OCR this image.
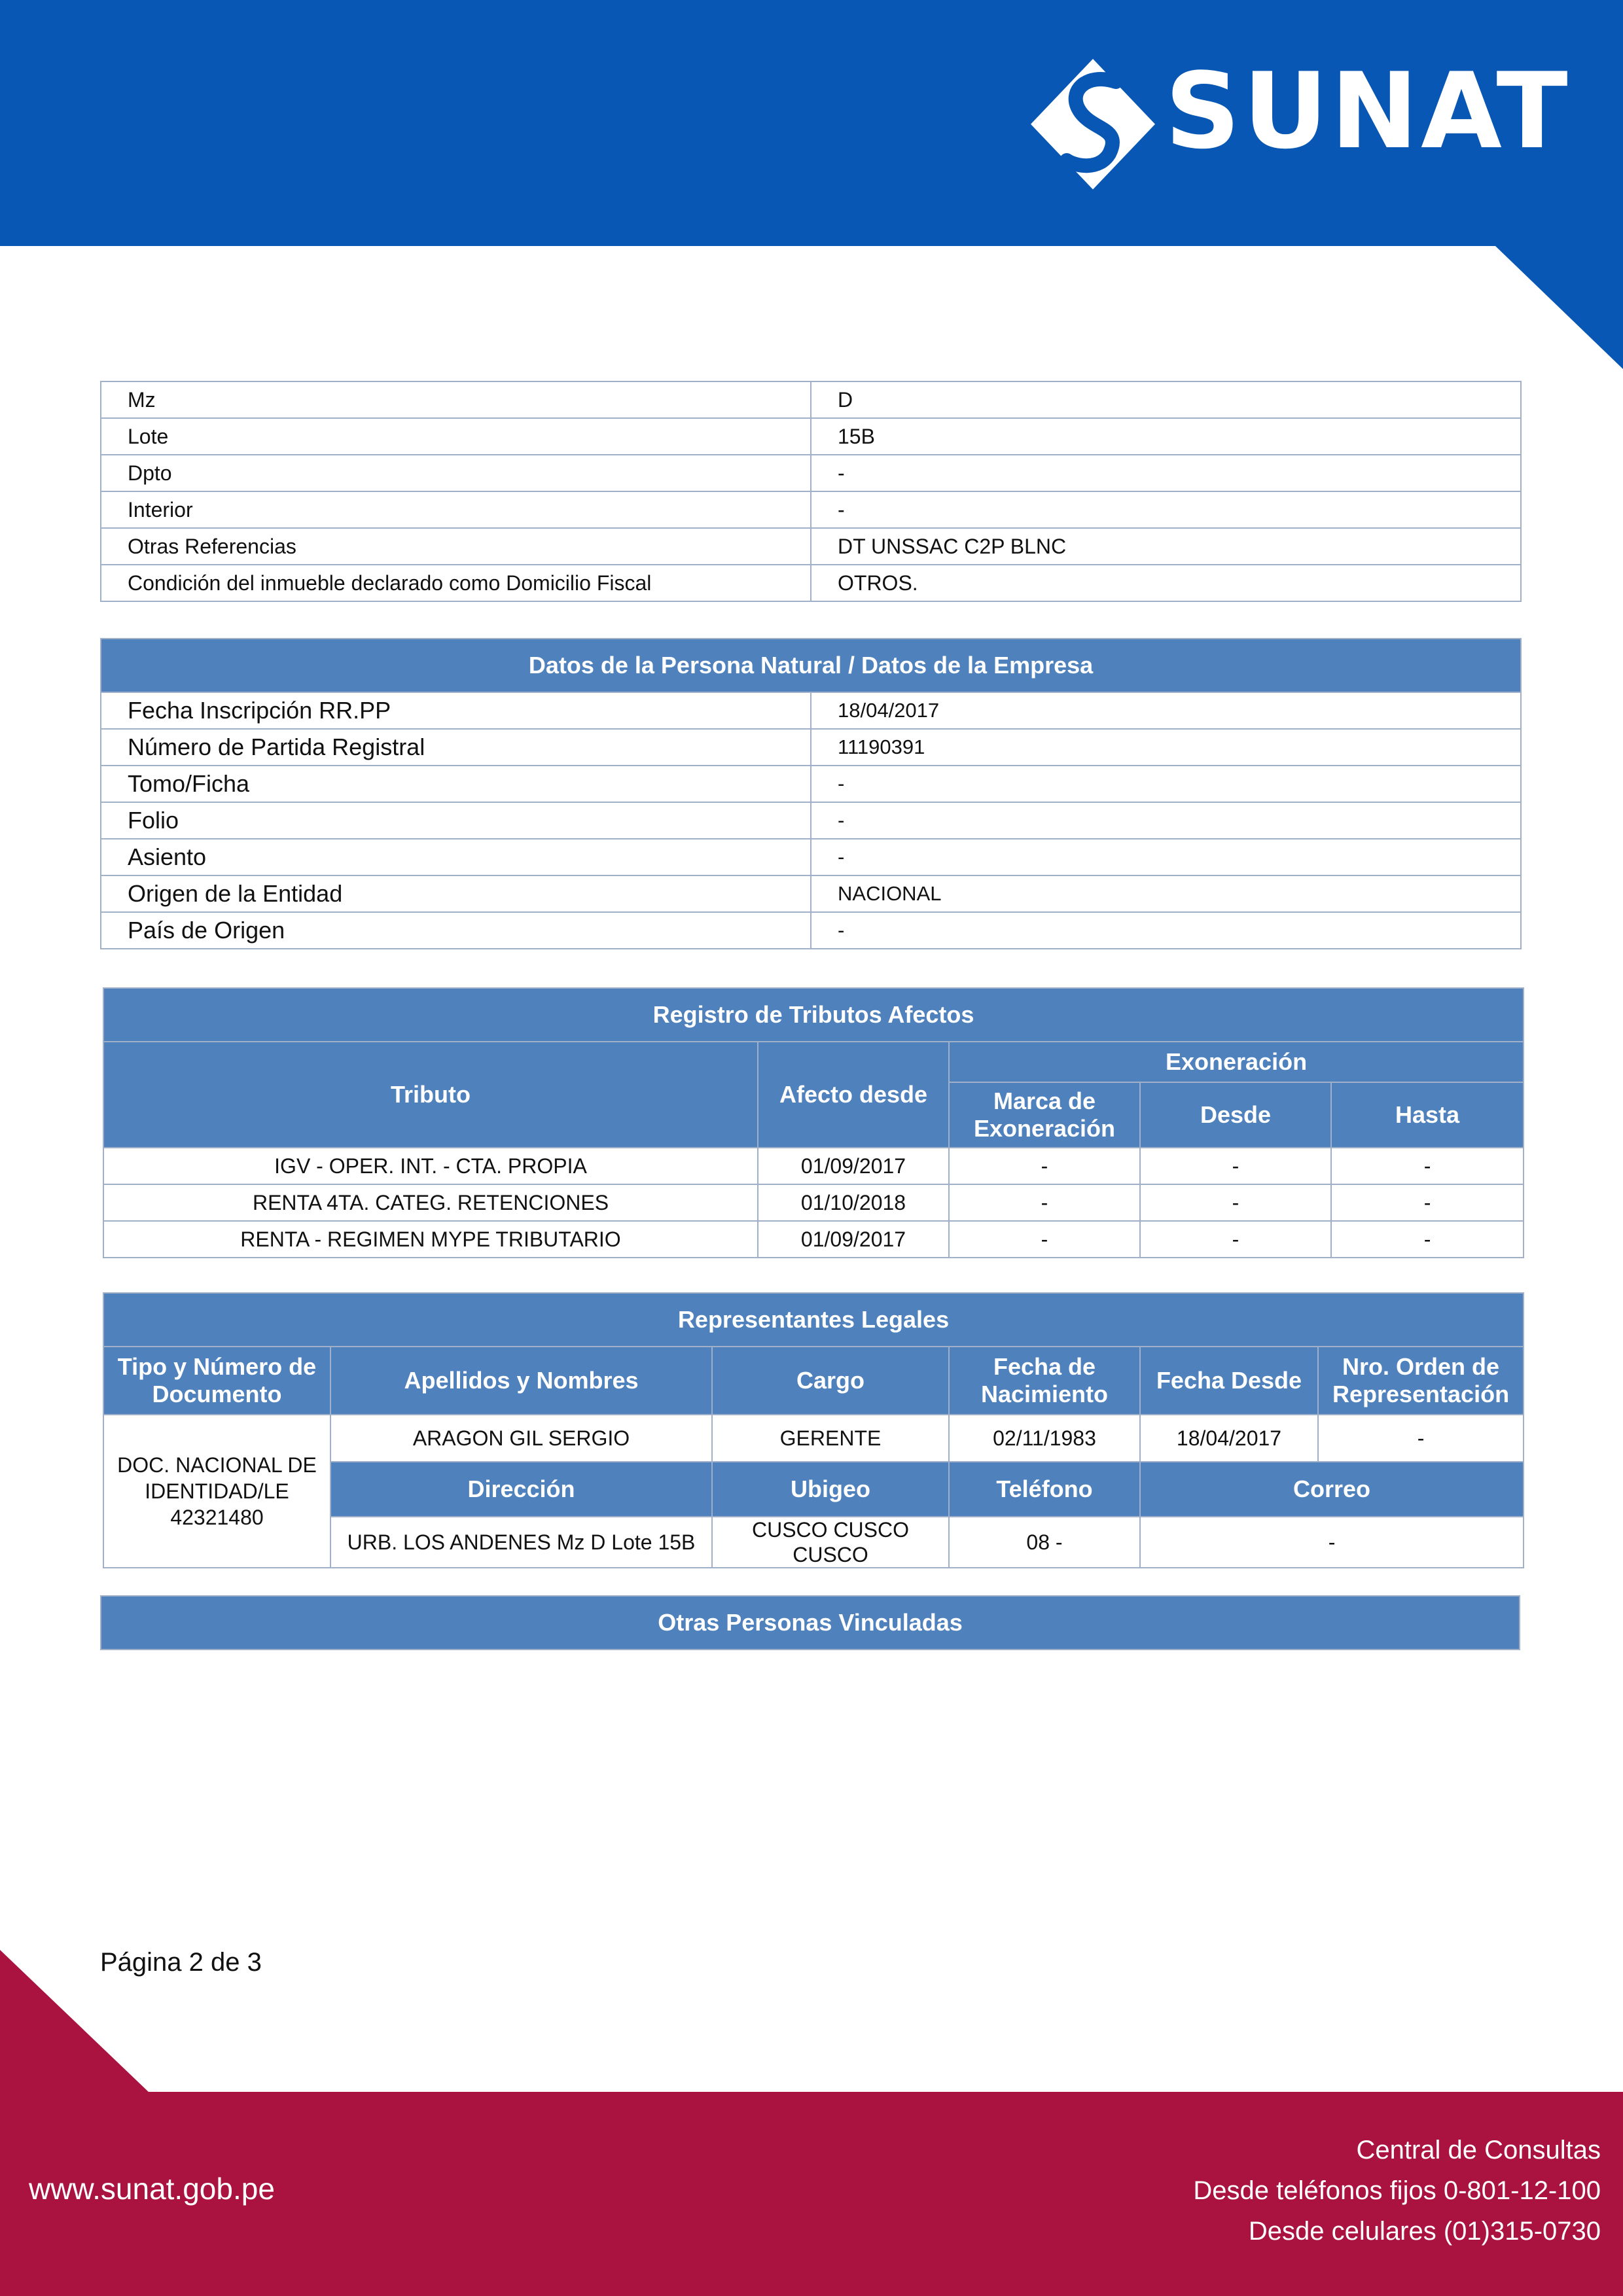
SUNAT
Mz	D
Lote	15B
Dpto	-
Interior	-
Otras Referencias	DT UNSSAC C2P BLNC
Condición del inmueble declarado como Domicilio Fiscal	OTROS.
Datos de la Persona Natural / Datos de la Empresa	
Fecha Inscripción RR.PP	18/04/2017
Número de Partida Registral	11190391
Tomo/Ficha	-
Folio	-
Asiento	-
Origen de la Entidad	NACIONAL
País de Origen	-
Registro de Tributos Afectos				
Tributo	Afecto desde	Exoneración		
		Marca de Exoneración	Desde	Hasta
IGV - OPER. INT. - CTA. PROPIA	01/09/2017	-	-	-
RENTA 4TA. CATEG. RETENCIONES	01/10/2018	-	-	-
RENTA - REGIMEN MYPE TRIBUTARIO	01/09/2017	-	-	-
Representantes Legales					
Tipo y Número de Documento	Apellidos y Nombres	Cargo	Fecha de Nacimiento	Fecha Desde	Nro. Orden de Representación
DOC. NACIONAL DE IDENTIDAD/LE 42321480	ARAGON GIL SERGIO	GERENTE	02/11/1983	18/04/2017	-
	Dirección	Ubigeo	Teléfono	Correo	
	URB. LOS ANDENES Mz D Lote 15B	CUSCO CUSCO CUSCO	08 -	-	
Otras Personas Vinculadas
Página 2 de 3
www.sunat.gob.pe
Central de Consultas
Desde teléfonos fijos 0-801-12-100
Desde celulares (01)315-0730
